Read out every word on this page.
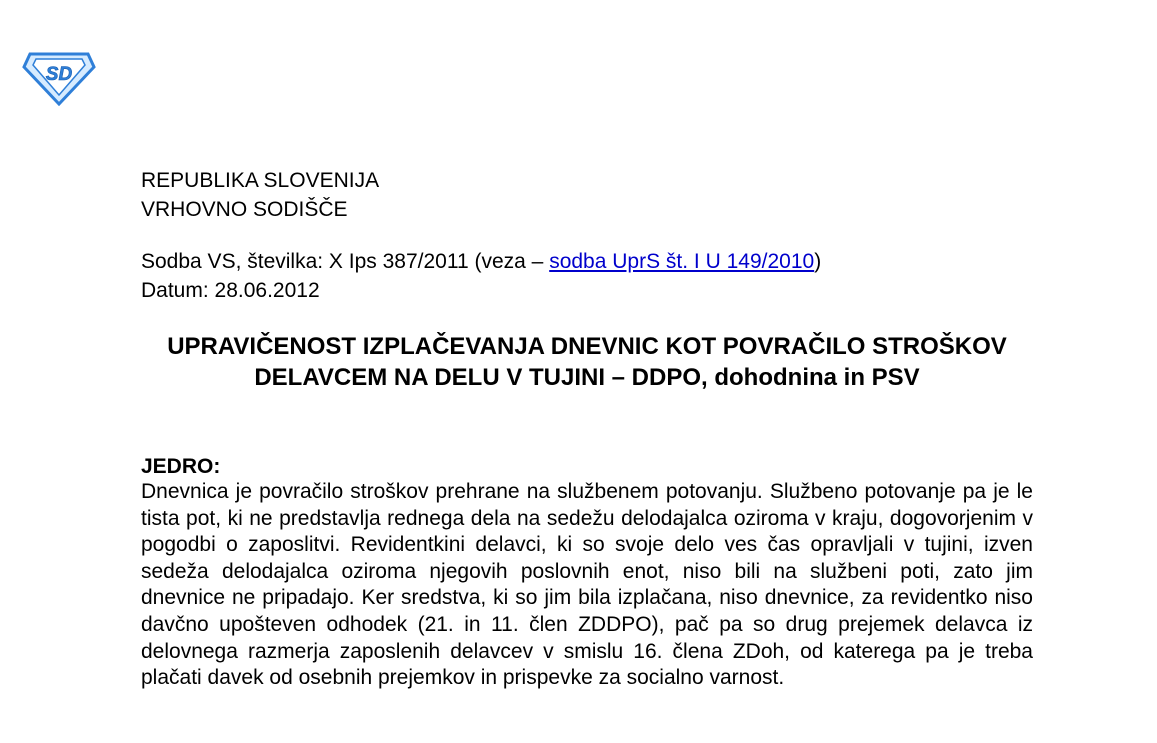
SD
REPUBLIKA SLOVENIJA
VRHOVNO SODIŠČE
Sodba VS, številka: X Ips 387/2011 (veza – sodba UprS št. I U 149/2010)
Datum: 28.06.2012
UPRAVIČENOST IZPLAČEVANJA DNEVNIC KOT POVRAČILO STROŠKOV DELAVCEM NA DELU V TUJINI – DDPO, dohodnina in PSV
JEDRO:
Dnevnica je povračilo stroškov prehrane na službenem potovanju. Službeno potovanje pa je le tista pot, ki ne predstavlja rednega dela na sedežu delodajalca oziroma v kraju, dogovorjenim v pogodbi o zaposlitvi. Revidentkini delavci, ki so svoje delo ves čas opravljali v tujini, izven sedeža delodajalca oziroma njegovih poslovnih enot, niso bili na službeni poti, zato jim dnevnice ne pripadajo. Ker sredstva, ki so jim bila izplačana, niso dnevnice, za revidentko niso davčno upošteven odhodek (21. in 11. člen ZDDPO), pač pa so drug prejemek delavca iz delovnega razmerja zaposlenih delavcev v smislu 16. člena ZDoh, od katerega pa je treba plačati davek od osebnih prejemkov in prispevke za socialno varnost.
